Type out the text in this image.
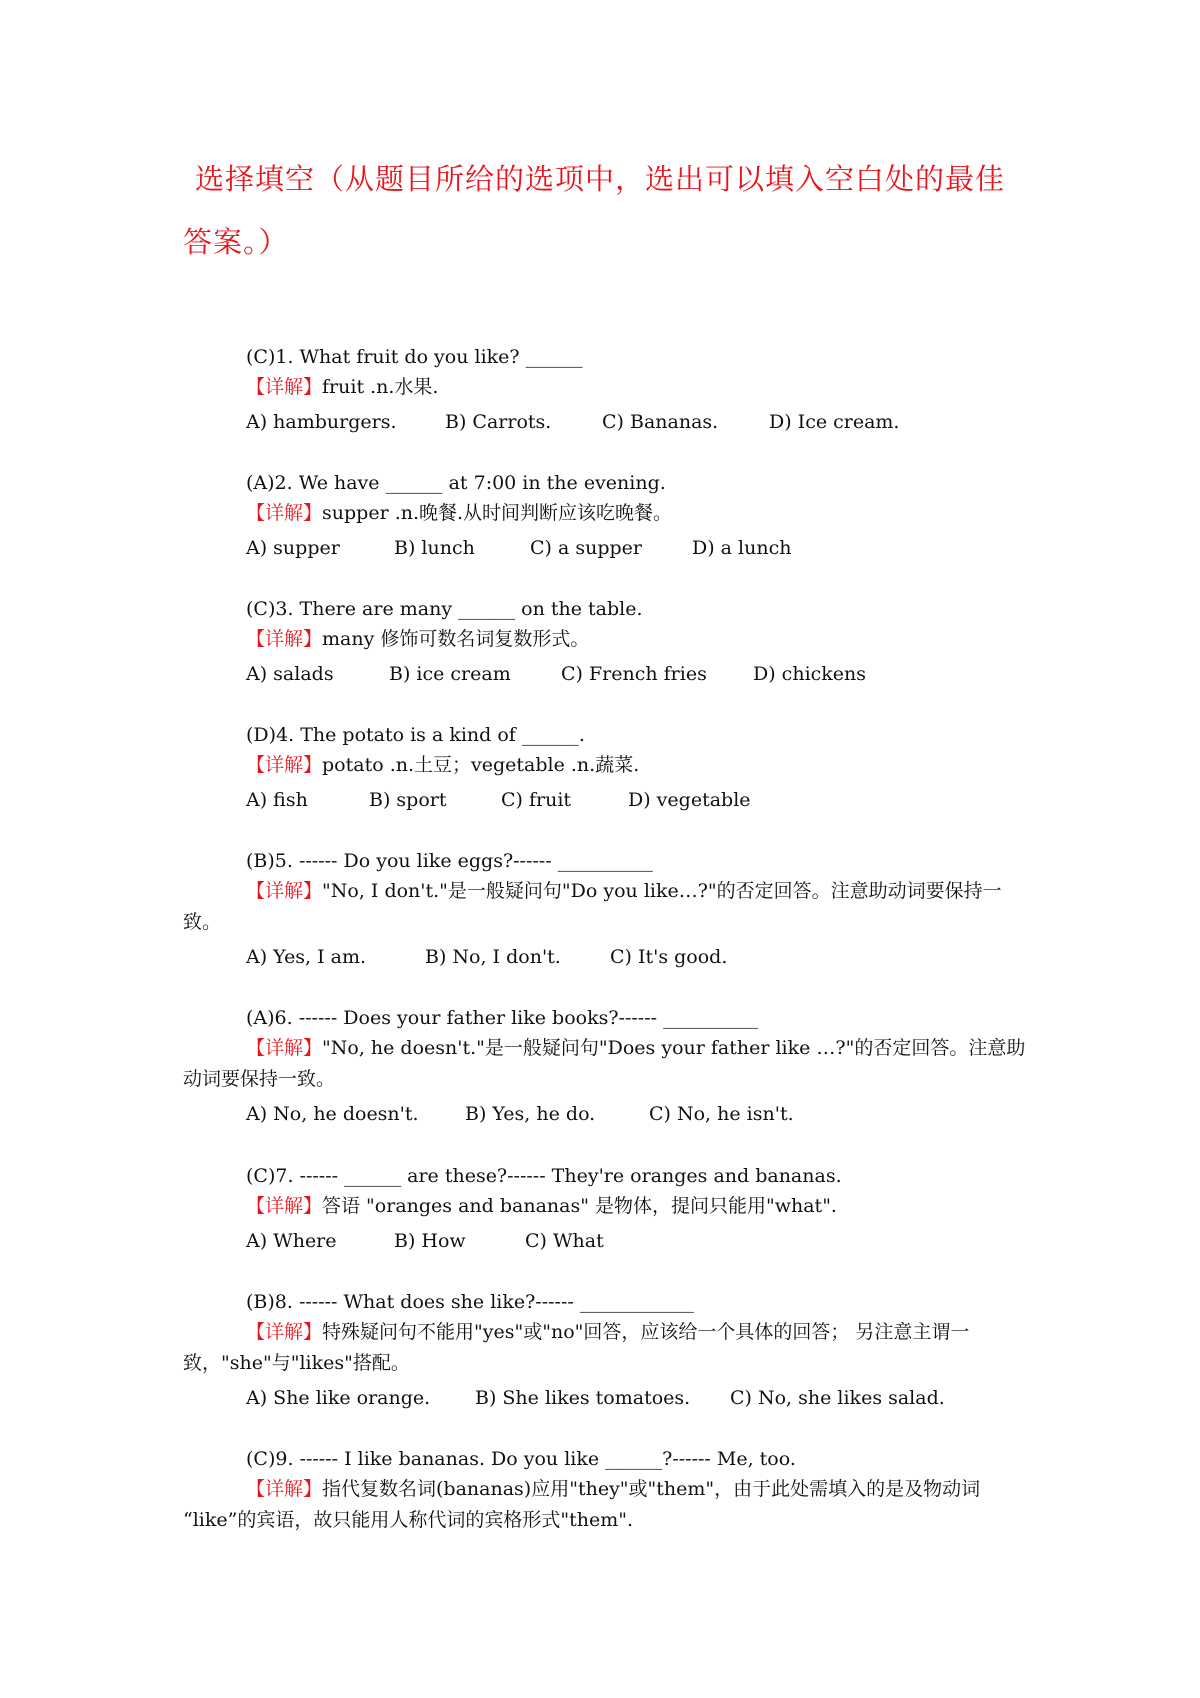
选择填空（从题目所给的选项中，选出可以填入空白处的最佳答案。）
(C)1. What fruit do you like? ______
【详解】fruit .n.水果.
A) hamburgers.	B) Carrots.	C) Bananas.	D) Ice cream.
(A)2. We have ______ at 7:00 in the evening.
【详解】supper .n.晚餐.从时间判断应该吃晚餐。
A) supper	B) lunch	C) a supper	D) a lunch
(C)3. There are many ______ on the table.
【详解】many 修饰可数名词复数形式。
A) salads	B) ice cream	C) French fries D) chickens
(D)4. The potato is a kind of ______.
【详解】potato .n.土豆；vegetable .n.蔬菜.
A) fish	B) sport	C) fruit	D) vegetable
(B)5. ------ Do you like eggs?------ __________
【详解】"No, I don't."是一般疑问句"Do you like…?"的否定回答。注意助动词要保持一致。
A) Yes, I am.	B) No, I don't.	C) It's good.
(A)6. ------ Does your father like books?------ __________
【详解】"No, he doesn't."是一般疑问句"Does your father like …?"的否定回答。注意助动词要保持一致。
A) No, he doesn't. B) Yes, he do.	C) No, he isn't.
(C)7. ------ ______ are these?------ They're oranges and bananas.
【详解】答语 "oranges and bananas" 是物体，提问只能用"what".
A) Where	B) How	C) What
(B)8. ------ What does she like?------ ____________
【详解】特殊疑问句不能用"yes"或"no"回答，应该给一个具体的回答； 另注意主谓一致，"she"与"likes"搭配。
A) She like orange. B) She likes tomatoes. C) No, she likes salad.
(C)9. ------ I like bananas. Do you like ______?------ Me, too.
【详解】指代复数名词(bananas)应用"they"或"them"，由于此处需填入的是及物动词 “like”的宾语，故只能用人称代词的宾格形式"them".
